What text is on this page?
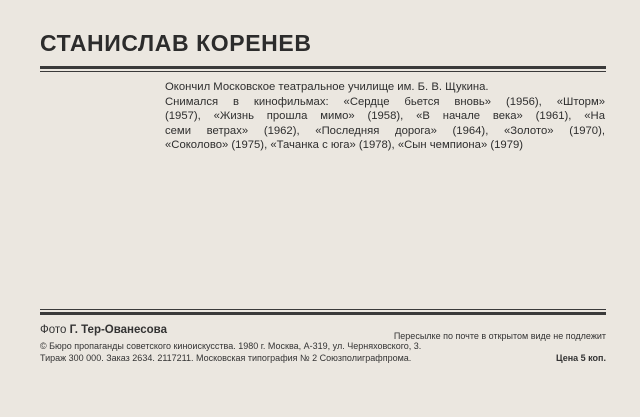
СТАНИСЛАВ КОРЕНЕВ

Окончил Московское театральное училище им. Б. В. Щукина.

Снимался в кинофильмах: «Сердце бьется вновь» (1956), «Шторм»

(1957), «Жизнь прошла мимо» (1958), «В начале века» (1961), «На

семи ветрах» (1962), «Последняя дорога» (1964), «Золото» (1970),

«Соколово» (1975), «Тачанка с юга» (1978), «Сын чемпиона» (1979)

Фото Г. Тер-Ованесова	Пересылке по почте в открытом виде не подлежит
© Бюро пропаганды советского киноискусства. 1980 г. Москва, А-319, ул. Черняховского, 3.
Тираж 300 000. Заказ 2634. 2117211. Московская типография № 2 Союзполиграфпрома.	Цена 5 коп.
